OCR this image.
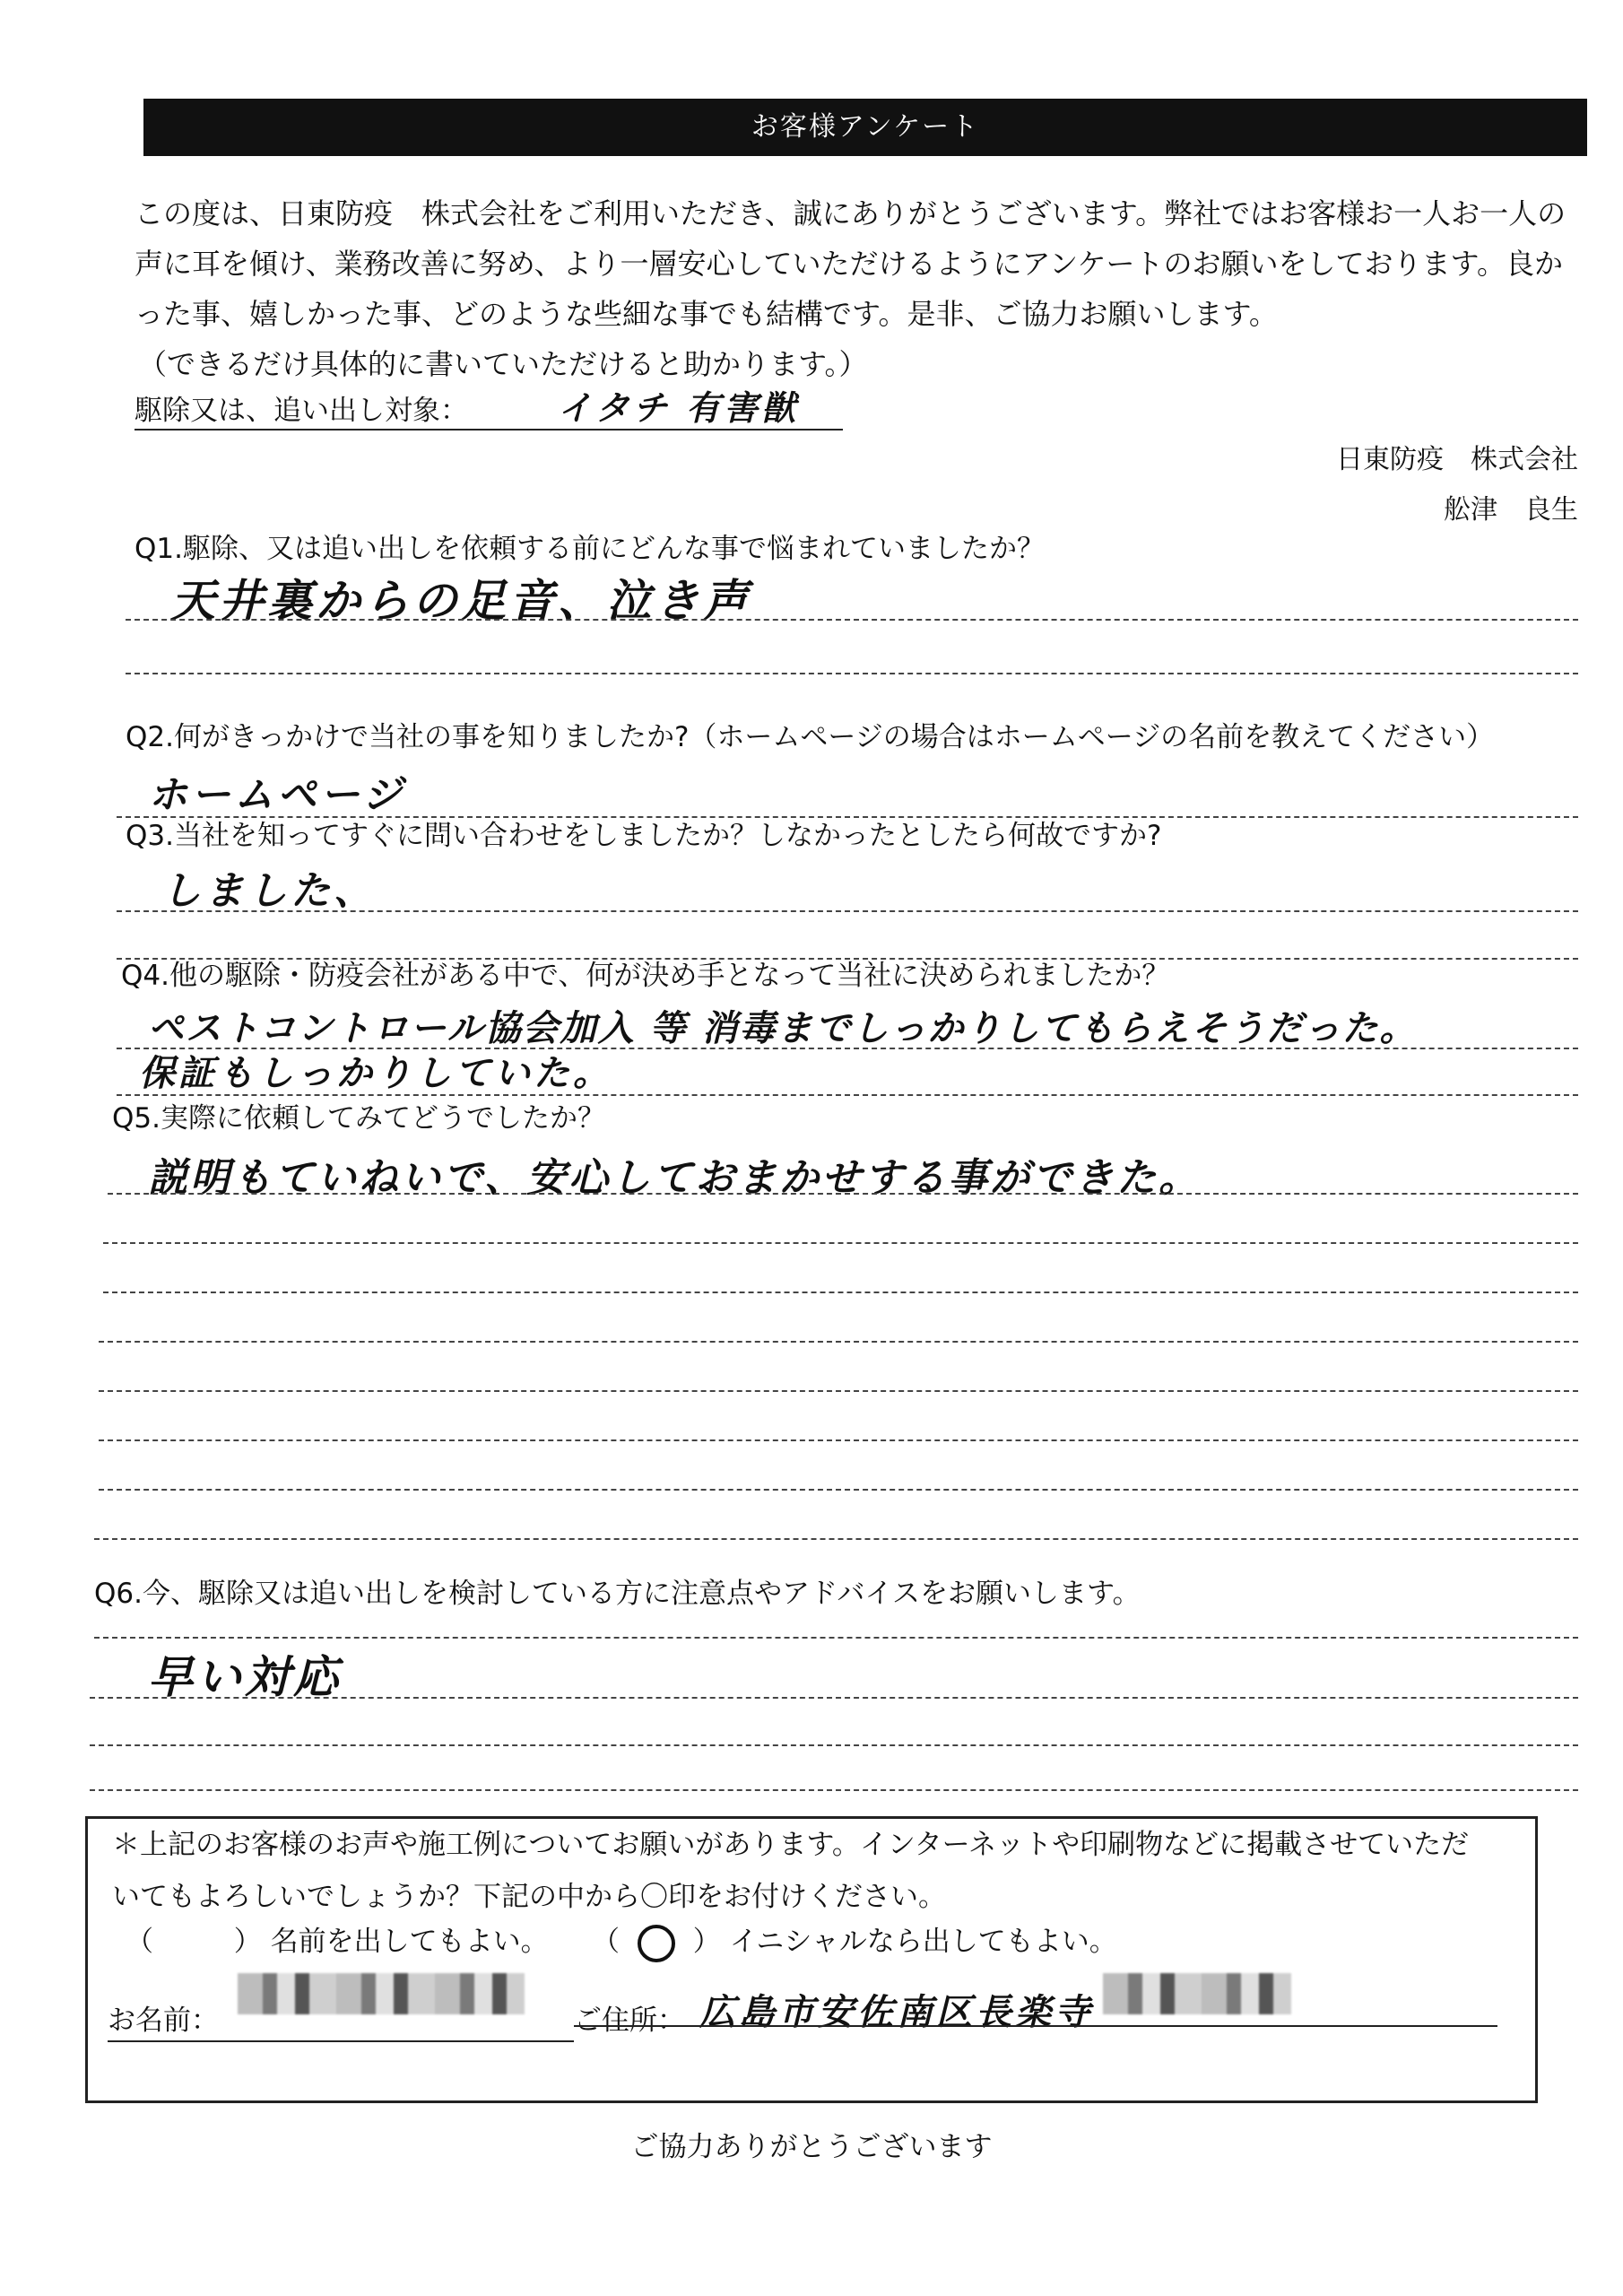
お客様アンケート

この度は、日東防疫　株式会社をご利用いただき、誠にありがとうございます。弊社ではお客様お一人お一人の

声に耳を傾け、業務改善に努め、より一層安心していただけるようにアンケートのお願いをしております。良か

った事、嬉しかった事、どのような些細な事でも結構です。是非、ご協力お願いします。

（できるだけ具体的に書いていただけると助かります。）

駆除又は、追い出し対象：	イタチ 有害獣
日東防疫　株式会社
舩津　良生
Q1.駆除、又は追い出しを依頼する前にどんな事で悩まれていましたか？
天井裏からの足音、泣き声
Q2.何がきっかけで当社の事を知りましたか?（ホームページの場合はホームページの名前を教えてください）
ホームページ
Q3.当社を知ってすぐに問い合わせをしましたか？しなかったとしたら何故ですか?
しました、
Q4.他の駆除・防疫会社がある中で、何が決め手となって当社に決められましたか？
ペストコントロール協会加入 等 消毒までしっかりしてもらえそうだった。
保証もしっかりしていた。
Q5.実際に依頼してみてどうでしたか？
説明もていねいで、安心しておまかせする事ができた。
Q6.今、駆除又は追い出しを検討している方に注意点やアドバイスをお願いします。
早い対応
＊上記のお客様のお声や施工例についてお願いがあります。インターネットや印刷物などに掲載させていただ
いてもよろしいでしょうか？下記の中から〇印をお付けください。
（	） 名前を出してもよい。 （	） イニシャルなら出してもよい。
お名前：	ご住所： 広島市安佐南区長楽寺
ご協力ありがとうございます
